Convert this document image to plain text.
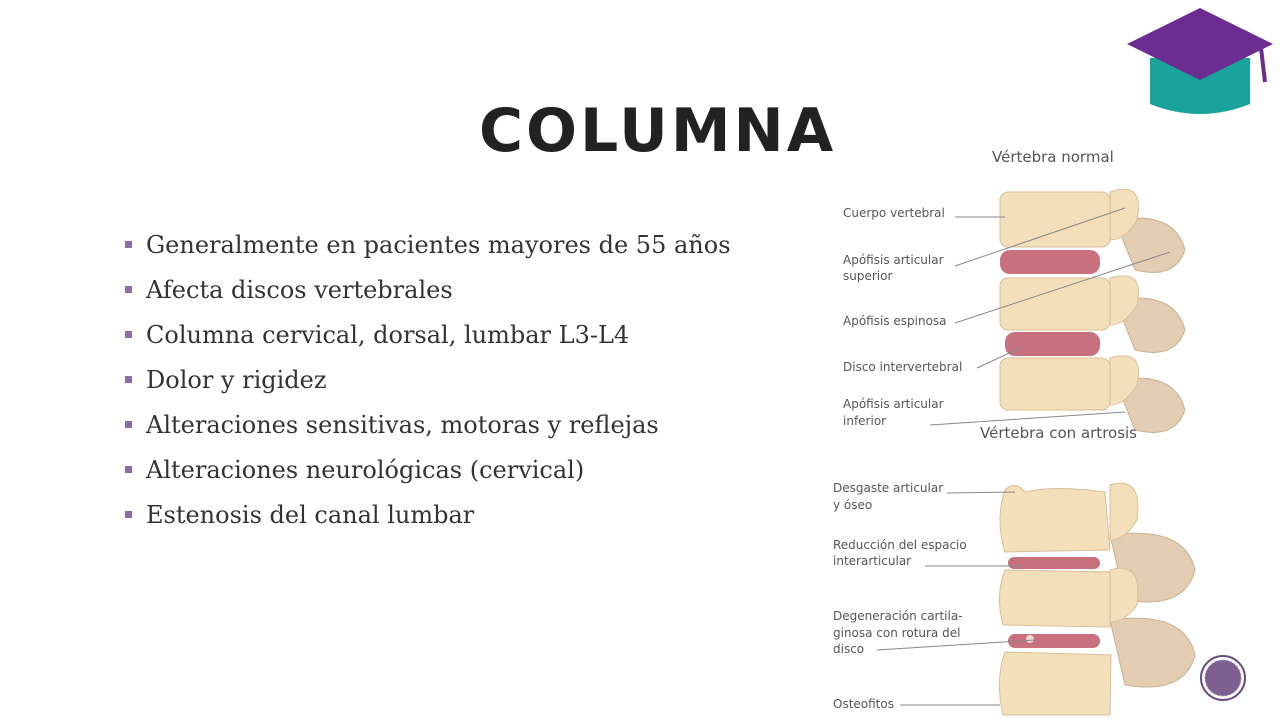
COLUMNA
Generalmente en pacientes mayores de 55 años
Afecta discos vertebrales
Columna cervical, dorsal, lumbar L3-L4
Dolor y rigidez
Alteraciones sensitivas, motoras y reflejas
Alteraciones neurológicas (cervical)
Estenosis del canal lumbar
Vértebra normal
Cuerpo vertebral
Apófisis articular
superior
Apófisis espinosa
Disco intervertebral
Apófisis articular
inferior
Vértebra con artrosis
Desgaste articular
y óseo
Reducción del espacio
interarticular
Degeneración cartila-
ginosa con rotura del
disco
Osteofitos
